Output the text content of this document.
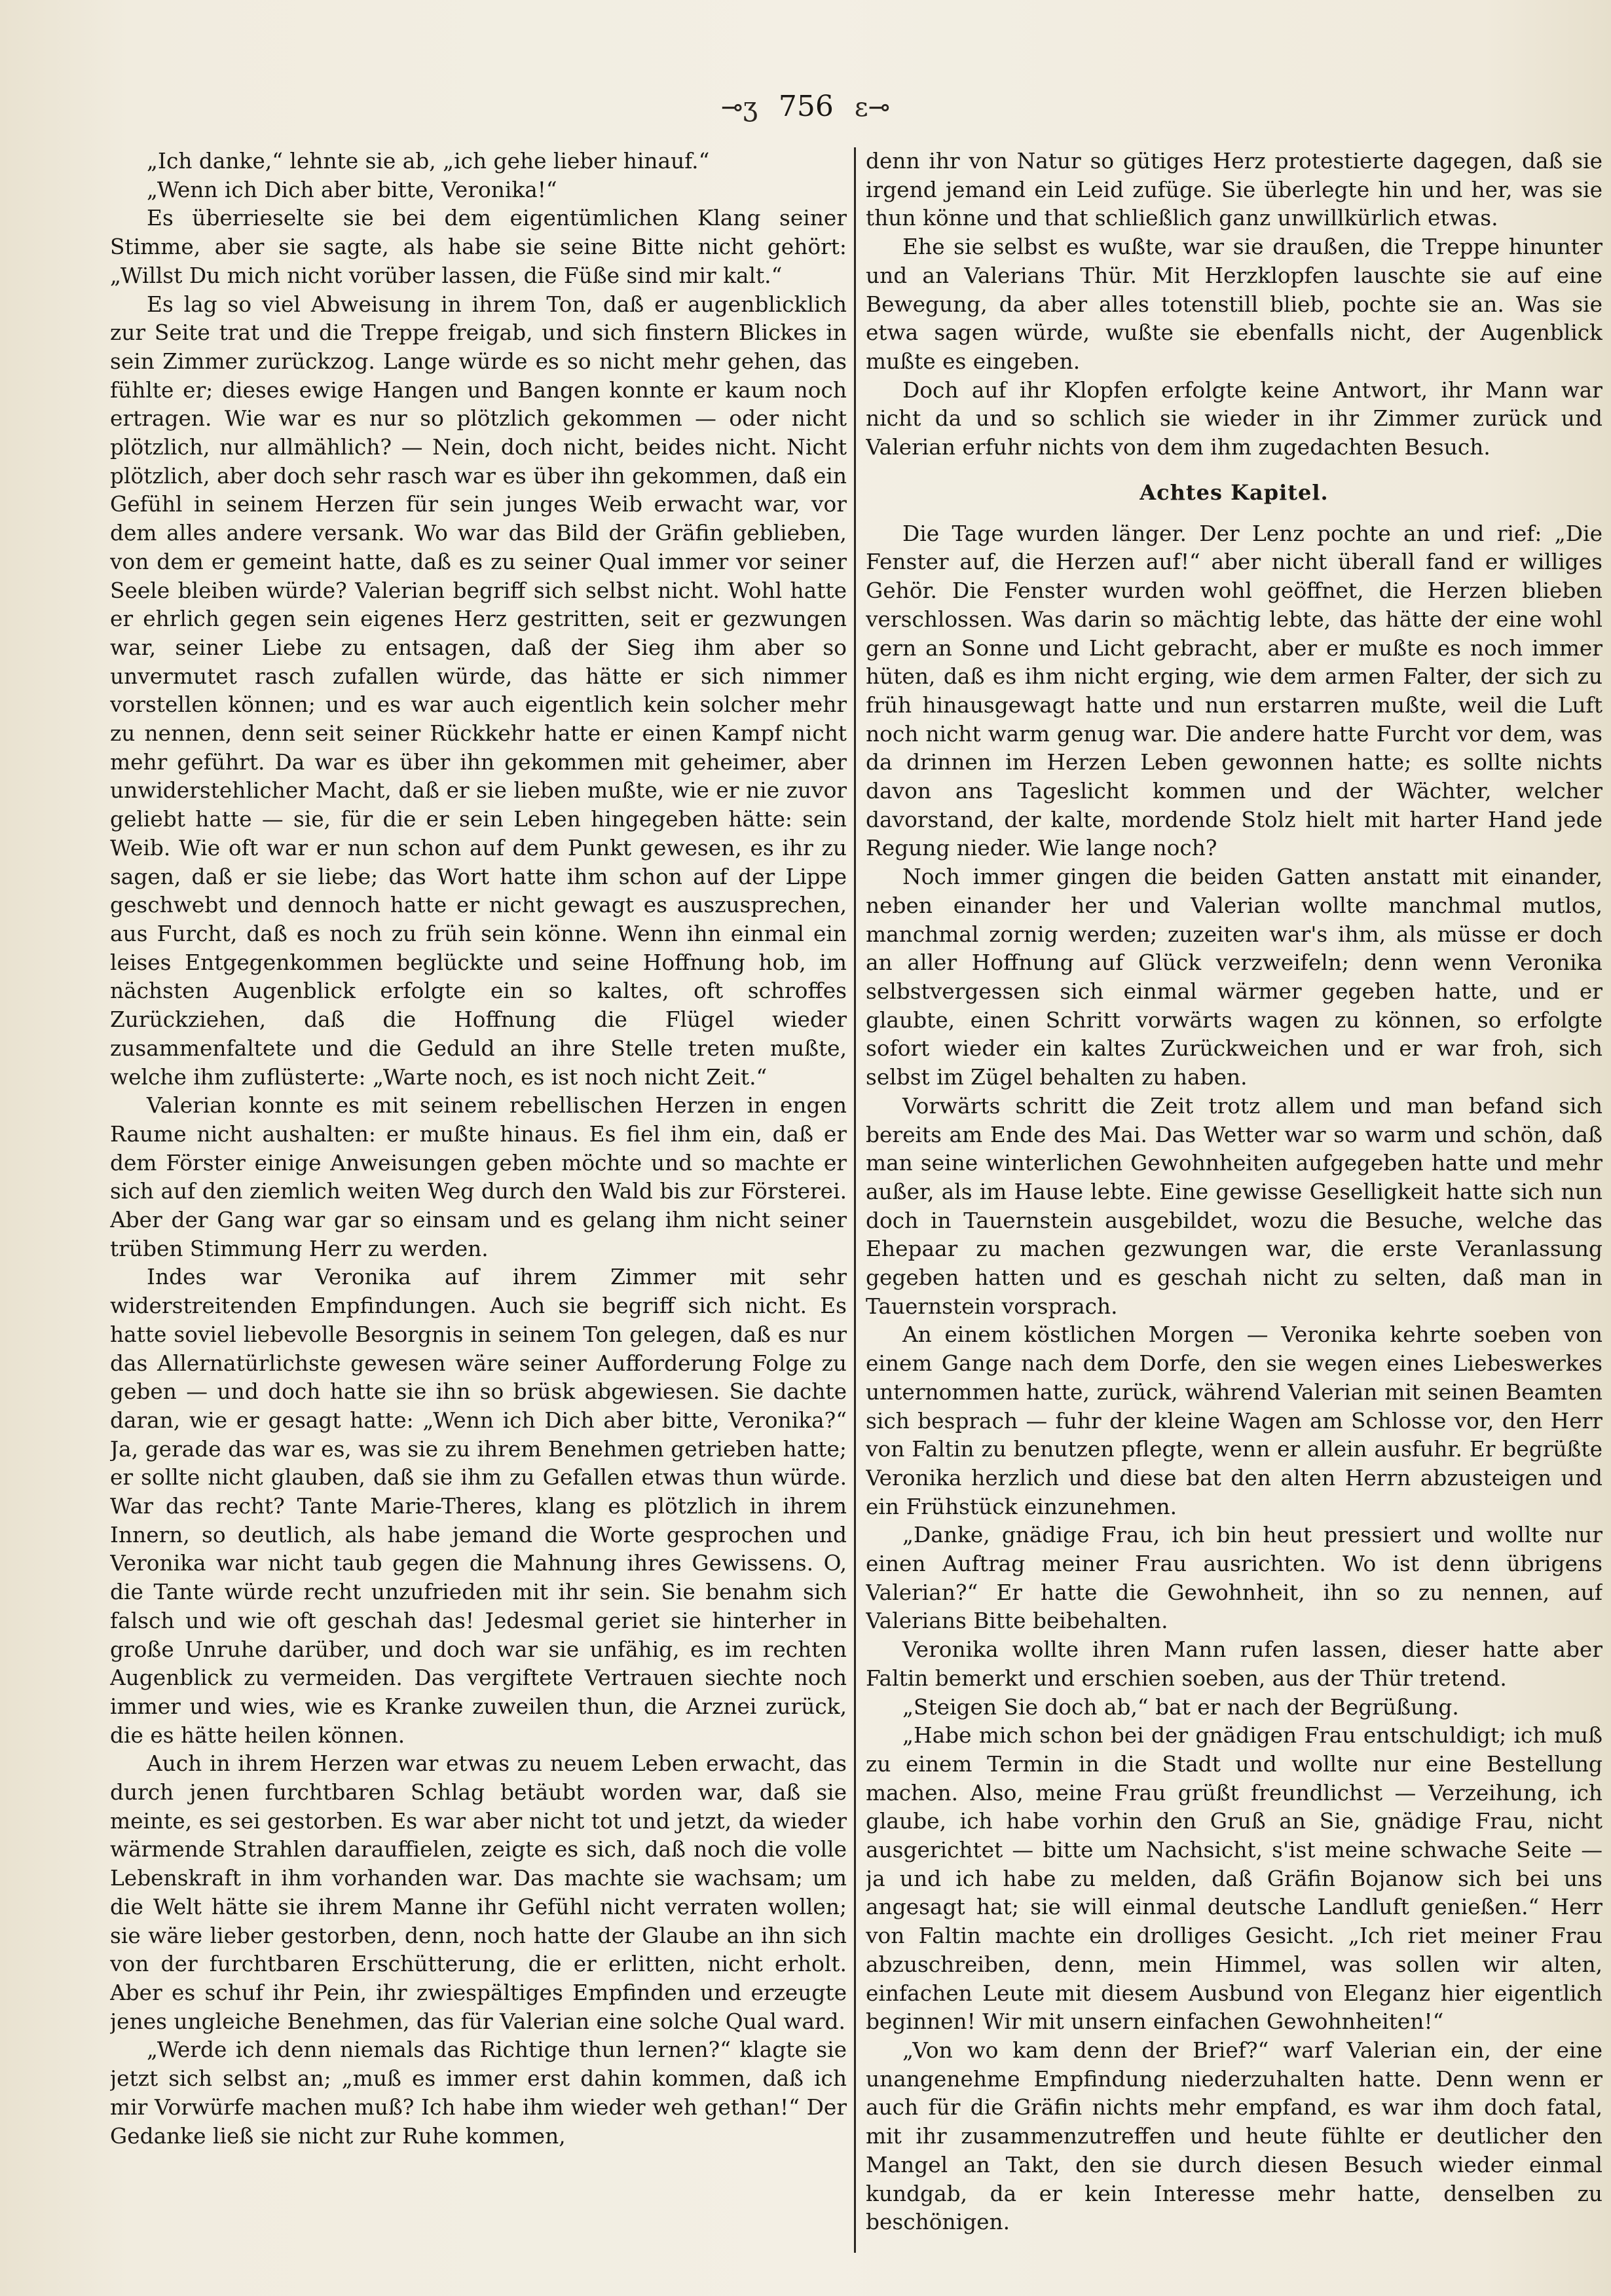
⊸ʒ 756 ɛ⊸

„Ich danke,“ lehnte sie ab, „ich gehe lieber hinauf.“

„Wenn ich Dich aber bitte, Veronika!“

Es überrieselte sie bei dem eigentümlichen Klang seiner Stimme, aber sie sagte, als habe sie seine Bitte nicht gehört: „Willst Du mich nicht vorüber lassen, die Füße sind mir kalt.“

Es lag so viel Abweisung in ihrem Ton, daß er augenblicklich zur Seite trat und die Treppe freigab, und sich finstern Blickes in sein Zimmer zurückzog. Lange würde es so nicht mehr gehen, das fühlte er; dieses ewige Hangen und Bangen konnte er kaum noch ertragen. Wie war es nur so plötzlich gekommen — oder nicht plötzlich, nur allmählich? — Nein, doch nicht, beides nicht. Nicht plötzlich, aber doch sehr rasch war es über ihn gekommen, daß ein Gefühl in seinem Herzen für sein junges Weib erwacht war, vor dem alles andere versank. Wo war das Bild der Gräfin geblieben, von dem er gemeint hatte, daß es zu seiner Qual immer vor seiner Seele bleiben würde? Valerian begriff sich selbst nicht. Wohl hatte er ehrlich gegen sein eigenes Herz gestritten, seit er gezwungen war, seiner Liebe zu entsagen, daß der Sieg ihm aber so unvermutet rasch zufallen würde, das hätte er sich nimmer vorstellen können; und es war auch eigentlich kein solcher mehr zu nennen, denn seit seiner Rückkehr hatte er einen Kampf nicht mehr geführt. Da war es über ihn gekommen mit geheimer, aber unwiderstehlicher Macht, daß er sie lieben mußte, wie er nie zuvor geliebt hatte — sie, für die er sein Leben hingegeben hätte: sein Weib. Wie oft war er nun schon auf dem Punkt gewesen, es ihr zu sagen, daß er sie liebe; das Wort hatte ihm schon auf der Lippe geschwebt und dennoch hatte er nicht gewagt es auszusprechen, aus Furcht, daß es noch zu früh sein könne. Wenn ihn einmal ein leises Entgegenkommen beglückte und seine Hoffnung hob, im nächsten Augenblick erfolgte ein so kaltes, oft schroffes Zurückziehen, daß die Hoffnung die Flügel wieder zusammenfaltete und die Geduld an ihre Stelle treten mußte, welche ihm zuflüsterte: „Warte noch, es ist noch nicht Zeit.“

Valerian konnte es mit seinem rebellischen Herzen in engen Raume nicht aushalten: er mußte hinaus. Es fiel ihm ein, daß er dem Förster einige Anweisungen geben möchte und so machte er sich auf den ziemlich weiten Weg durch den Wald bis zur Försterei. Aber der Gang war gar so einsam und es gelang ihm nicht seiner trüben Stimmung Herr zu werden.

Indes war Veronika auf ihrem Zimmer mit sehr widerstreitenden Empfindungen. Auch sie begriff sich nicht. Es hatte soviel liebevolle Besorgnis in seinem Ton gelegen, daß es nur das Allernatürlichste gewesen wäre seiner Aufforderung Folge zu geben — und doch hatte sie ihn so brüsk abgewiesen. Sie dachte daran, wie er gesagt hatte: „Wenn ich Dich aber bitte, Veronika?“ Ja, gerade das war es, was sie zu ihrem Benehmen getrieben hatte; er sollte nicht glauben, daß sie ihm zu Gefallen etwas thun würde. War das recht? Tante Marie-Theres, klang es plötzlich in ihrem Innern, so deutlich, als habe jemand die Worte gesprochen und Veronika war nicht taub gegen die Mahnung ihres Gewissens. O, die Tante würde recht unzufrieden mit ihr sein. Sie benahm sich falsch und wie oft geschah das! Jedesmal geriet sie hinterher in große Unruhe darüber, und doch war sie unfähig, es im rechten Augenblick zu vermeiden. Das vergiftete Vertrauen siechte noch immer und wies, wie es Kranke zuweilen thun, die Arznei zurück, die es hätte heilen können.

Auch in ihrem Herzen war etwas zu neuem Leben erwacht, das durch jenen furchtbaren Schlag betäubt worden war, daß sie meinte, es sei gestorben. Es war aber nicht tot und jetzt, da wieder wärmende Strahlen darauffielen, zeigte es sich, daß noch die volle Lebenskraft in ihm vorhanden war. Das machte sie wachsam; um die Welt hätte sie ihrem Manne ihr Gefühl nicht verraten wollen; sie wäre lieber gestorben, denn, noch hatte der Glaube an ihn sich von der furchtbaren Erschütterung, die er erlitten, nicht erholt. Aber es schuf ihr Pein, ihr zwiespältiges Empfinden und erzeugte jenes ungleiche Benehmen, das für Valerian eine solche Qual ward.

„Werde ich denn niemals das Richtige thun lernen?“ klagte sie jetzt sich selbst an; „muß es immer erst dahin kommen, daß ich mir Vorwürfe machen muß? Ich habe ihm wieder weh gethan!“ Der Gedanke ließ sie nicht zur Ruhe kommen,

denn ihr von Natur so gütiges Herz protestierte dagegen, daß sie irgend jemand ein Leid zufüge. Sie überlegte hin und her, was sie thun könne und that schließlich ganz unwillkürlich etwas.

Ehe sie selbst es wußte, war sie draußen, die Treppe hinunter und an Valerians Thür. Mit Herzklopfen lauschte sie auf eine Bewegung, da aber alles totenstill blieb, pochte sie an. Was sie etwa sagen würde, wußte sie ebenfalls nicht, der Augenblick mußte es eingeben.

Doch auf ihr Klopfen erfolgte keine Antwort, ihr Mann war nicht da und so schlich sie wieder in ihr Zimmer zurück und Valerian erfuhr nichts von dem ihm zugedachten Besuch.

Achtes Kapitel.

Die Tage wurden länger. Der Lenz pochte an und rief: „Die Fenster auf, die Herzen auf!“ aber nicht überall fand er williges Gehör. Die Fenster wurden wohl geöffnet, die Herzen blieben verschlossen. Was darin so mächtig lebte, das hätte der eine wohl gern an Sonne und Licht gebracht, aber er mußte es noch immer hüten, daß es ihm nicht erging, wie dem armen Falter, der sich zu früh hinausgewagt hatte und nun erstarren mußte, weil die Luft noch nicht warm genug war. Die andere hatte Furcht vor dem, was da drinnen im Herzen Leben gewonnen hatte; es sollte nichts davon ans Tageslicht kommen und der Wächter, welcher davorstand, der kalte, mordende Stolz hielt mit harter Hand jede Regung nieder. Wie lange noch?

Noch immer gingen die beiden Gatten anstatt mit einander, neben einander her und Valerian wollte manchmal mutlos, manchmal zornig werden; zuzeiten war's ihm, als müsse er doch an aller Hoffnung auf Glück verzweifeln; denn wenn Veronika selbstvergessen sich einmal wärmer gegeben hatte, und er glaubte, einen Schritt vorwärts wagen zu können, so erfolgte sofort wieder ein kaltes Zurückweichen und er war froh, sich selbst im Zügel behalten zu haben.

Vorwärts schritt die Zeit trotz allem und man befand sich bereits am Ende des Mai. Das Wetter war so warm und schön, daß man seine winterlichen Gewohnheiten aufgegeben hatte und mehr außer, als im Hause lebte. Eine gewisse Geselligkeit hatte sich nun doch in Tauernstein ausgebildet, wozu die Besuche, welche das Ehepaar zu machen gezwungen war, die erste Veranlassung gegeben hatten und es geschah nicht zu selten, daß man in Tauernstein vorsprach.

An einem köstlichen Morgen — Veronika kehrte soeben von einem Gange nach dem Dorfe, den sie wegen eines Liebeswerkes unternommen hatte, zurück, während Valerian mit seinen Beamten sich besprach — fuhr der kleine Wagen am Schlosse vor, den Herr von Faltin zu benutzen pflegte, wenn er allein ausfuhr. Er begrüßte Veronika herzlich und diese bat den alten Herrn abzusteigen und ein Frühstück einzunehmen.

„Danke, gnädige Frau, ich bin heut pressiert und wollte nur einen Auftrag meiner Frau ausrichten. Wo ist denn übrigens Valerian?“ Er hatte die Gewohnheit, ihn so zu nennen, auf Valerians Bitte beibehalten.

Veronika wollte ihren Mann rufen lassen, dieser hatte aber Faltin bemerkt und erschien soeben, aus der Thür tretend.

„Steigen Sie doch ab,“ bat er nach der Begrüßung.

„Habe mich schon bei der gnädigen Frau entschuldigt; ich muß zu einem Termin in die Stadt und wollte nur eine Bestellung machen. Also, meine Frau grüßt freundlichst — Verzeihung, ich glaube, ich habe vorhin den Gruß an Sie, gnädige Frau, nicht ausgerichtet — bitte um Nachsicht, s'ist meine schwache Seite — ja und ich habe zu melden, daß Gräfin Bojanow sich bei uns angesagt hat; sie will einmal deutsche Landluft genießen.“ Herr von Faltin machte ein drolliges Gesicht. „Ich riet meiner Frau abzuschreiben, denn, mein Himmel, was sollen wir alten, einfachen Leute mit diesem Ausbund von Eleganz hier eigentlich beginnen! Wir mit unsern einfachen Gewohnheiten!“

„Von wo kam denn der Brief?“ warf Valerian ein, der eine unangenehme Empfindung niederzuhalten hatte. Denn wenn er auch für die Gräfin nichts mehr empfand, es war ihm doch fatal, mit ihr zusammenzutreffen und heute fühlte er deutlicher den Mangel an Takt, den sie durch diesen Besuch wieder einmal kundgab, da er kein Interesse mehr hatte, denselben zu beschönigen.
